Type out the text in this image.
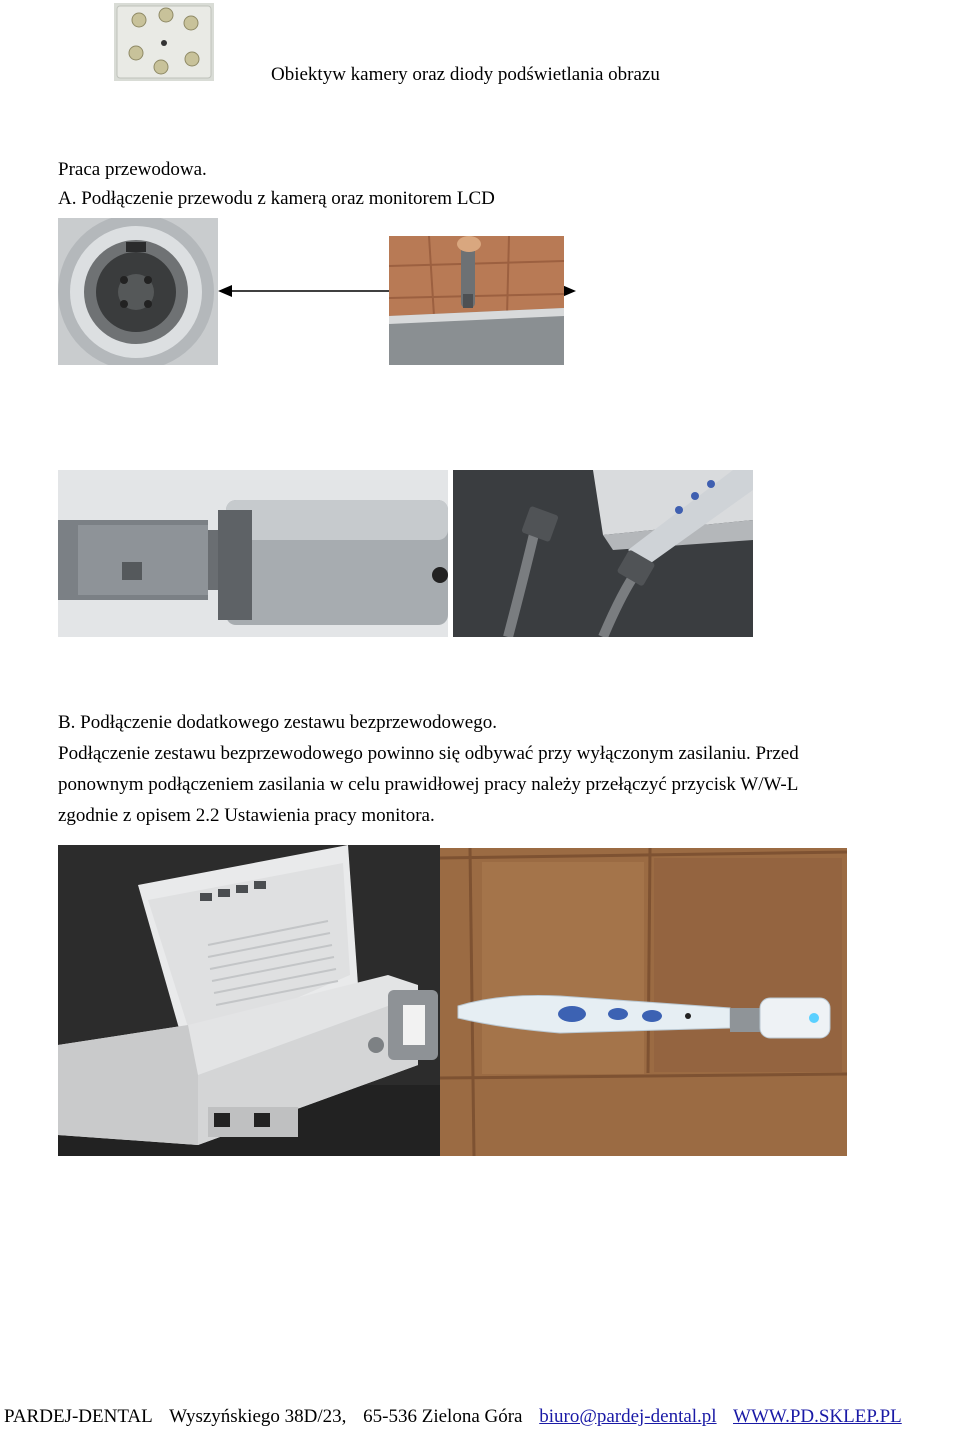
Obiektyw kamery oraz diody podświetlania obrazu
Praca przewodowa.
A. Podłączenie przewodu z kamerą oraz monitorem LCD
B. Podłączenie dodatkowego zestawu bezprzewodowego.
Podłączenie zestawu bezprzewodowego powinno się odbywać przy wyłączonym zasilaniu. Przed
ponownym podłączeniem zasilania w celu prawidłowej pracy należy przełączyć przycisk W/W-L
zgodnie z opisem 2.2 Ustawienia pracy monitora.
PARDEJ-DENTAL Wyszyńskiego 38D/23, 65-536 Zielona Góra biuro@pardej-dental.pl WWW.PD.SKLEP.PL
